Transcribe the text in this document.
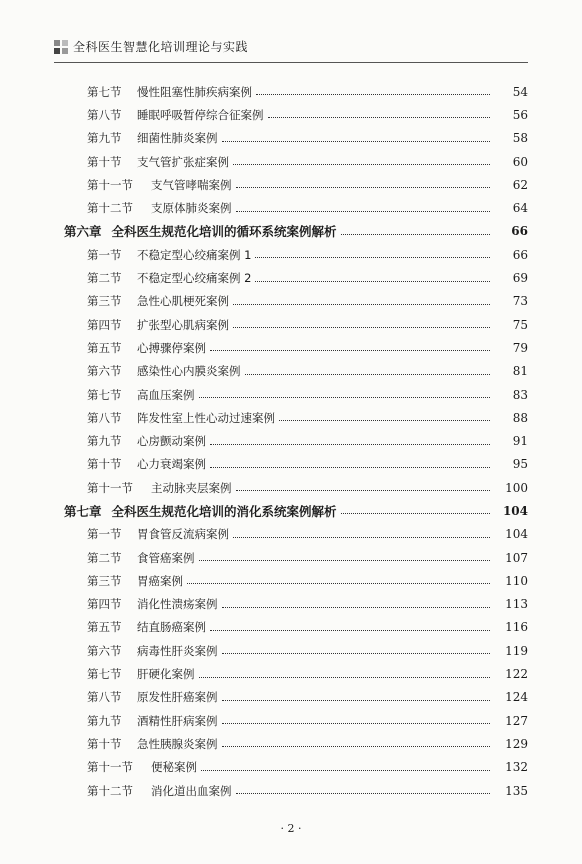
全科医生智慧化培训理论与实践
第七节	慢性阻塞性肺疾病案例	54
第八节	睡眠呼吸暂停综合征案例	56
第九节	细菌性肺炎案例	58
第十节	支气管扩张症案例	60
第十一节	支气管哮喘案例	62
第十二节	支原体肺炎案例	64
第六章 全科医生规范化培训的循环系统案例解析	66
第一节	不稳定型心绞痛案例 1	66
第二节	不稳定型心绞痛案例 2	69
第三节	急性心肌梗死案例	73
第四节	扩张型心肌病案例	75
第五节	心搏骤停案例	79
第六节	感染性心内膜炎案例	81
第七节	高血压案例	83
第八节	阵发性室上性心动过速案例	88
第九节	心房颤动案例	91
第十节	心力衰竭案例	95
第十一节	主动脉夹层案例	100
第七章 全科医生规范化培训的消化系统案例解析	104
第一节	胃食管反流病案例	104
第二节	食管癌案例	107
第三节	胃癌案例	110
第四节	消化性溃疡案例	113
第五节	结直肠癌案例	116
第六节	病毒性肝炎案例	119
第七节	肝硬化案例	122
第八节	原发性肝癌案例	124
第九节	酒精性肝病案例	127
第十节	急性胰腺炎案例	129
第十一节	便秘案例	132
第十二节	消化道出血案例	135
· 2 ·
